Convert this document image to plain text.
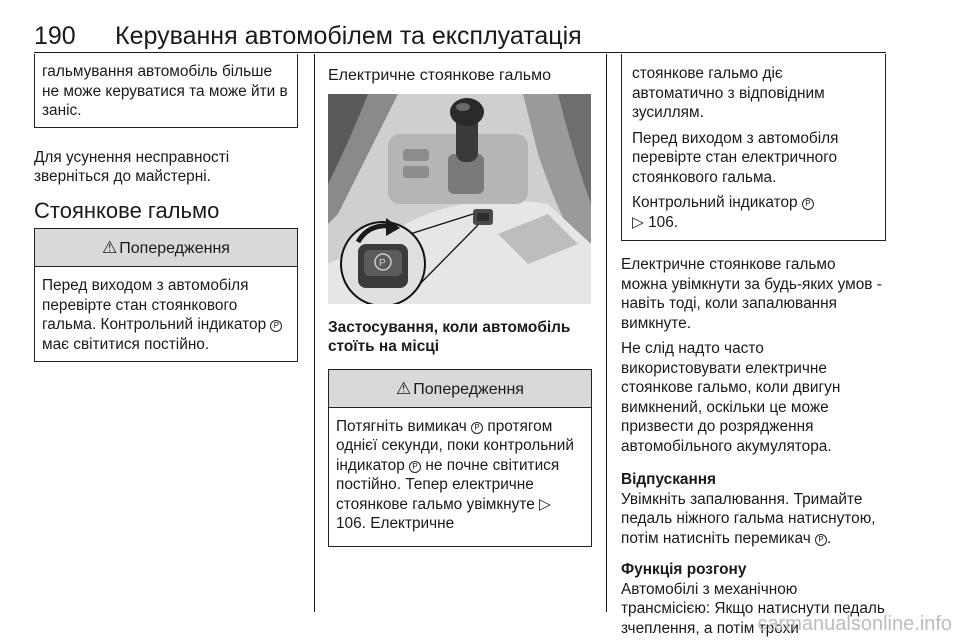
190 Керування автомобілем та експлуатація
гальмування автомобіль більше не може керуватися та може йти в заніс.

Для усунення несправності зверніться до майстерні.

Стоянкове гальмо
⚠ Попередження
Перед виходом з автомобіля перевірте стан стоянкового гальма. Контрольний індикатор P має світитися постійно.
Електричне стоянкове гальмо
P
Застосування, коли автомобіль стоїть на місці
⚠ Попередження
Потягніть вимикач P протягом однієї секунди, поки контрольний індикатор P не почне світитися постійно. Тепер електричне стоянкове гальмо увімкнуте ▷ 106. Електричне

стоянкове гальмо діє автоматично з відповідним зусиллям.

Перед виходом з автомобіля перевірте стан електричного стоянкового гальма.

Контрольний індикатор P
▷ 106.

Електричне стоянкове гальмо можна увімкнути за будь-яких умов - навіть тоді, коли запалювання вимкнуте.

Не слід надто часто використовувати електричне стоянкове гальмо, коли двигун вимкнений, оскільки це може призвести до розрядження автомобільного акумулятора.

Відпускання

Увімкніть запалювання. Тримайте педаль ніжного гальма натиснутою, потім натисніть перемикач P .

Функція розгону

Автомобілі з механічною трансмісією: Якщо натиснути педаль зчеплення, а потім трохи

carmanualsonline.info
